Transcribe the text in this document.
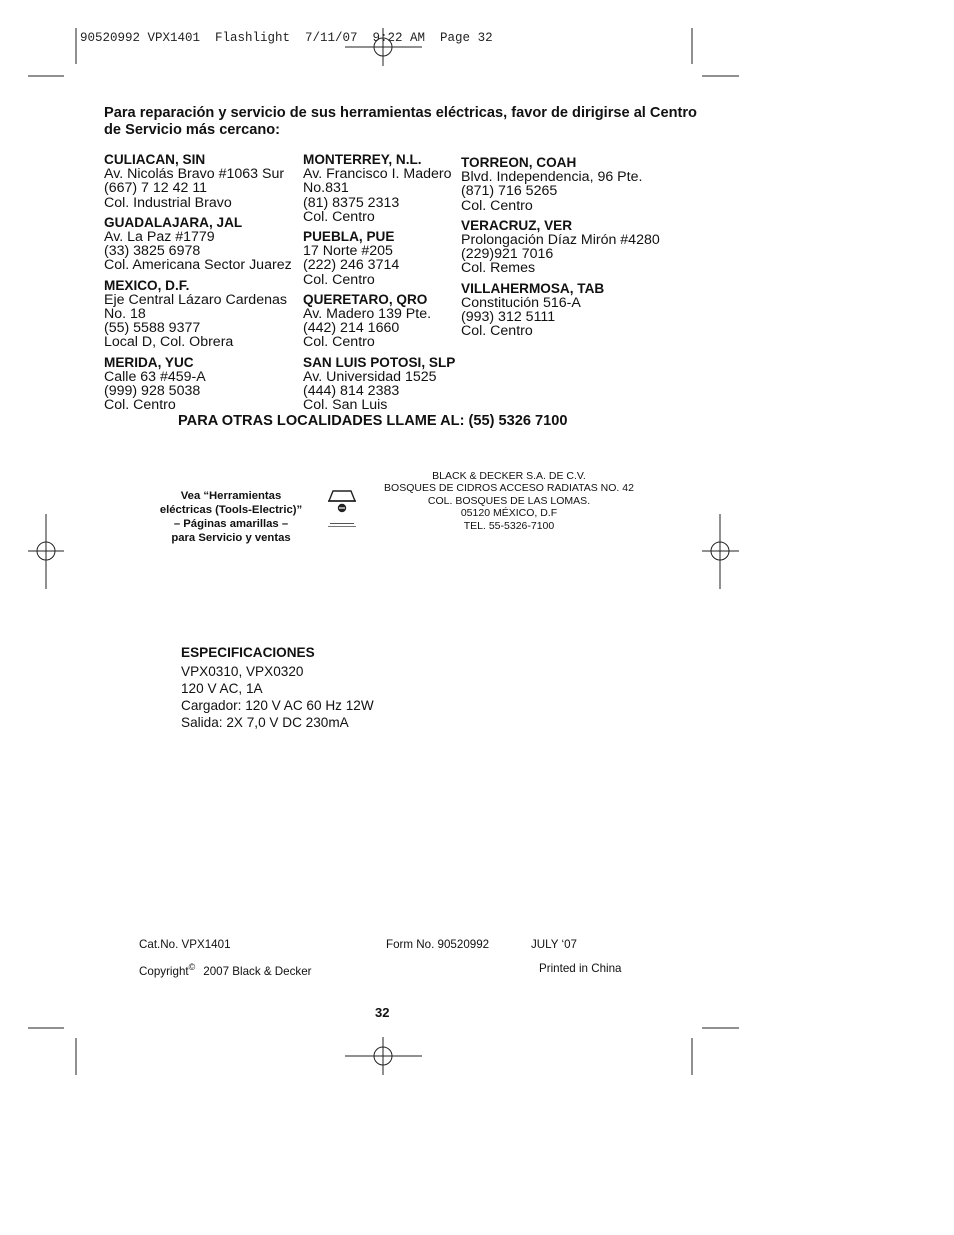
90520992 VPX1401  Flashlight  7/11/07  9:22 AM  Page 32
Para reparación y servicio de sus herramientas eléctricas, favor de dirigirse al Centro de Servicio más cercano:
CULIACAN, SIN
Av. Nicolás Bravo #1063 Sur
(667) 7 12 42 11
Col. Industrial Bravo
GUADALAJARA, JAL
Av. La Paz #1779
(33) 3825 6978
Col. Americana Sector Juarez
MEXICO, D.F.
Eje Central Lázaro Cardenas
No. 18
(55) 5588 9377
Local D, Col. Obrera
MERIDA, YUC
Calle 63 #459-A
(999) 928 5038
Col. Centro
MONTERREY, N.L.
Av. Francisco I. Madero
No.831
(81) 8375 2313
Col. Centro
PUEBLA, PUE
17 Norte #205
(222) 246 3714
Col. Centro
QUERETARO, QRO
Av. Madero 139 Pte.
(442) 214 1660
Col. Centro
SAN LUIS POTOSI, SLP
Av. Universidad 1525
(444) 814 2383
Col. San Luis
TORREON, COAH
Blvd. Independencia, 96 Pte.
(871) 716 5265
Col. Centro
VERACRUZ, VER
Prolongación Díaz Mirón #4280
(229)921 7016
Col. Remes
VILLAHERMOSA, TAB
Constitución 516-A
(993) 312 5111
Col. Centro
PARA OTRAS LOCALIDADES LLAME AL: (55) 5326 7100
Vea “Herramientas
eléctricas (Tools-Electric)”
– Páginas amarillas –
para Servicio y ventas
BLACK & DECKER S.A. DE C.V.
BOSQUES DE CIDROS ACCESO RADIATAS NO. 42
COL. BOSQUES DE LAS LOMAS.
05120 MÉXICO, D.F
TEL. 55-5326-7100
ESPECIFICACIONES
VPX0310, VPX0320
120 V AC, 1A
Cargador: 120 V AC 60 Hz 12W
Salida: 2X 7,0 V DC 230mA
Cat.No. VPX1401	Form No. 90520992	JULY ‘07
Copyright© 2007 Black & Decker	Printed in China
32
